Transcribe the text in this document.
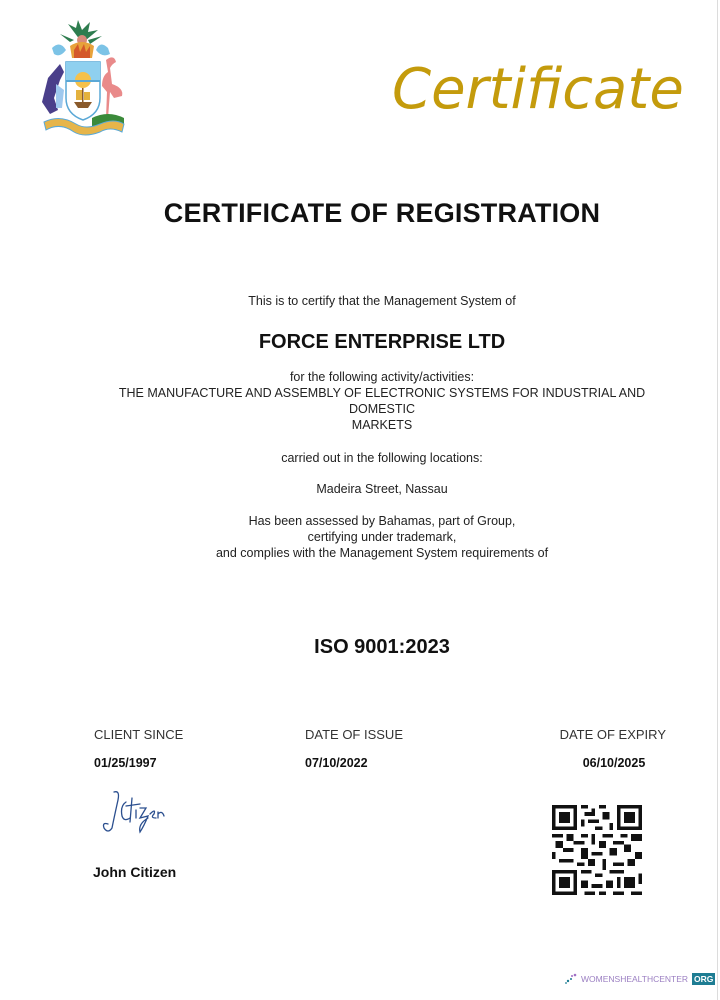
Certificate
CERTIFICATE OF REGISTRATION
This is to certify that the Management System of
FORCE ENTERPRISE LTD
for the following activity/activities:
THE MANUFACTURE AND ASSEMBLY OF ELECTRONIC SYSTEMS FOR INDUSTRIAL AND
DOMESTIC
MARKETS
carried out in the following locations:
Madeira Street, Nassau
Has been assessed by Bahamas, part of Group,
certifying under trademark,
and complies with the Management System requirements of
ISO 9001:2023
CLIENT SINCE
01/25/1997
DATE OF ISSUE
07/10/2022
DATE OF EXPIRY
06/10/2025
John Citizen
WOMENSHEALTHCENTER ORG
